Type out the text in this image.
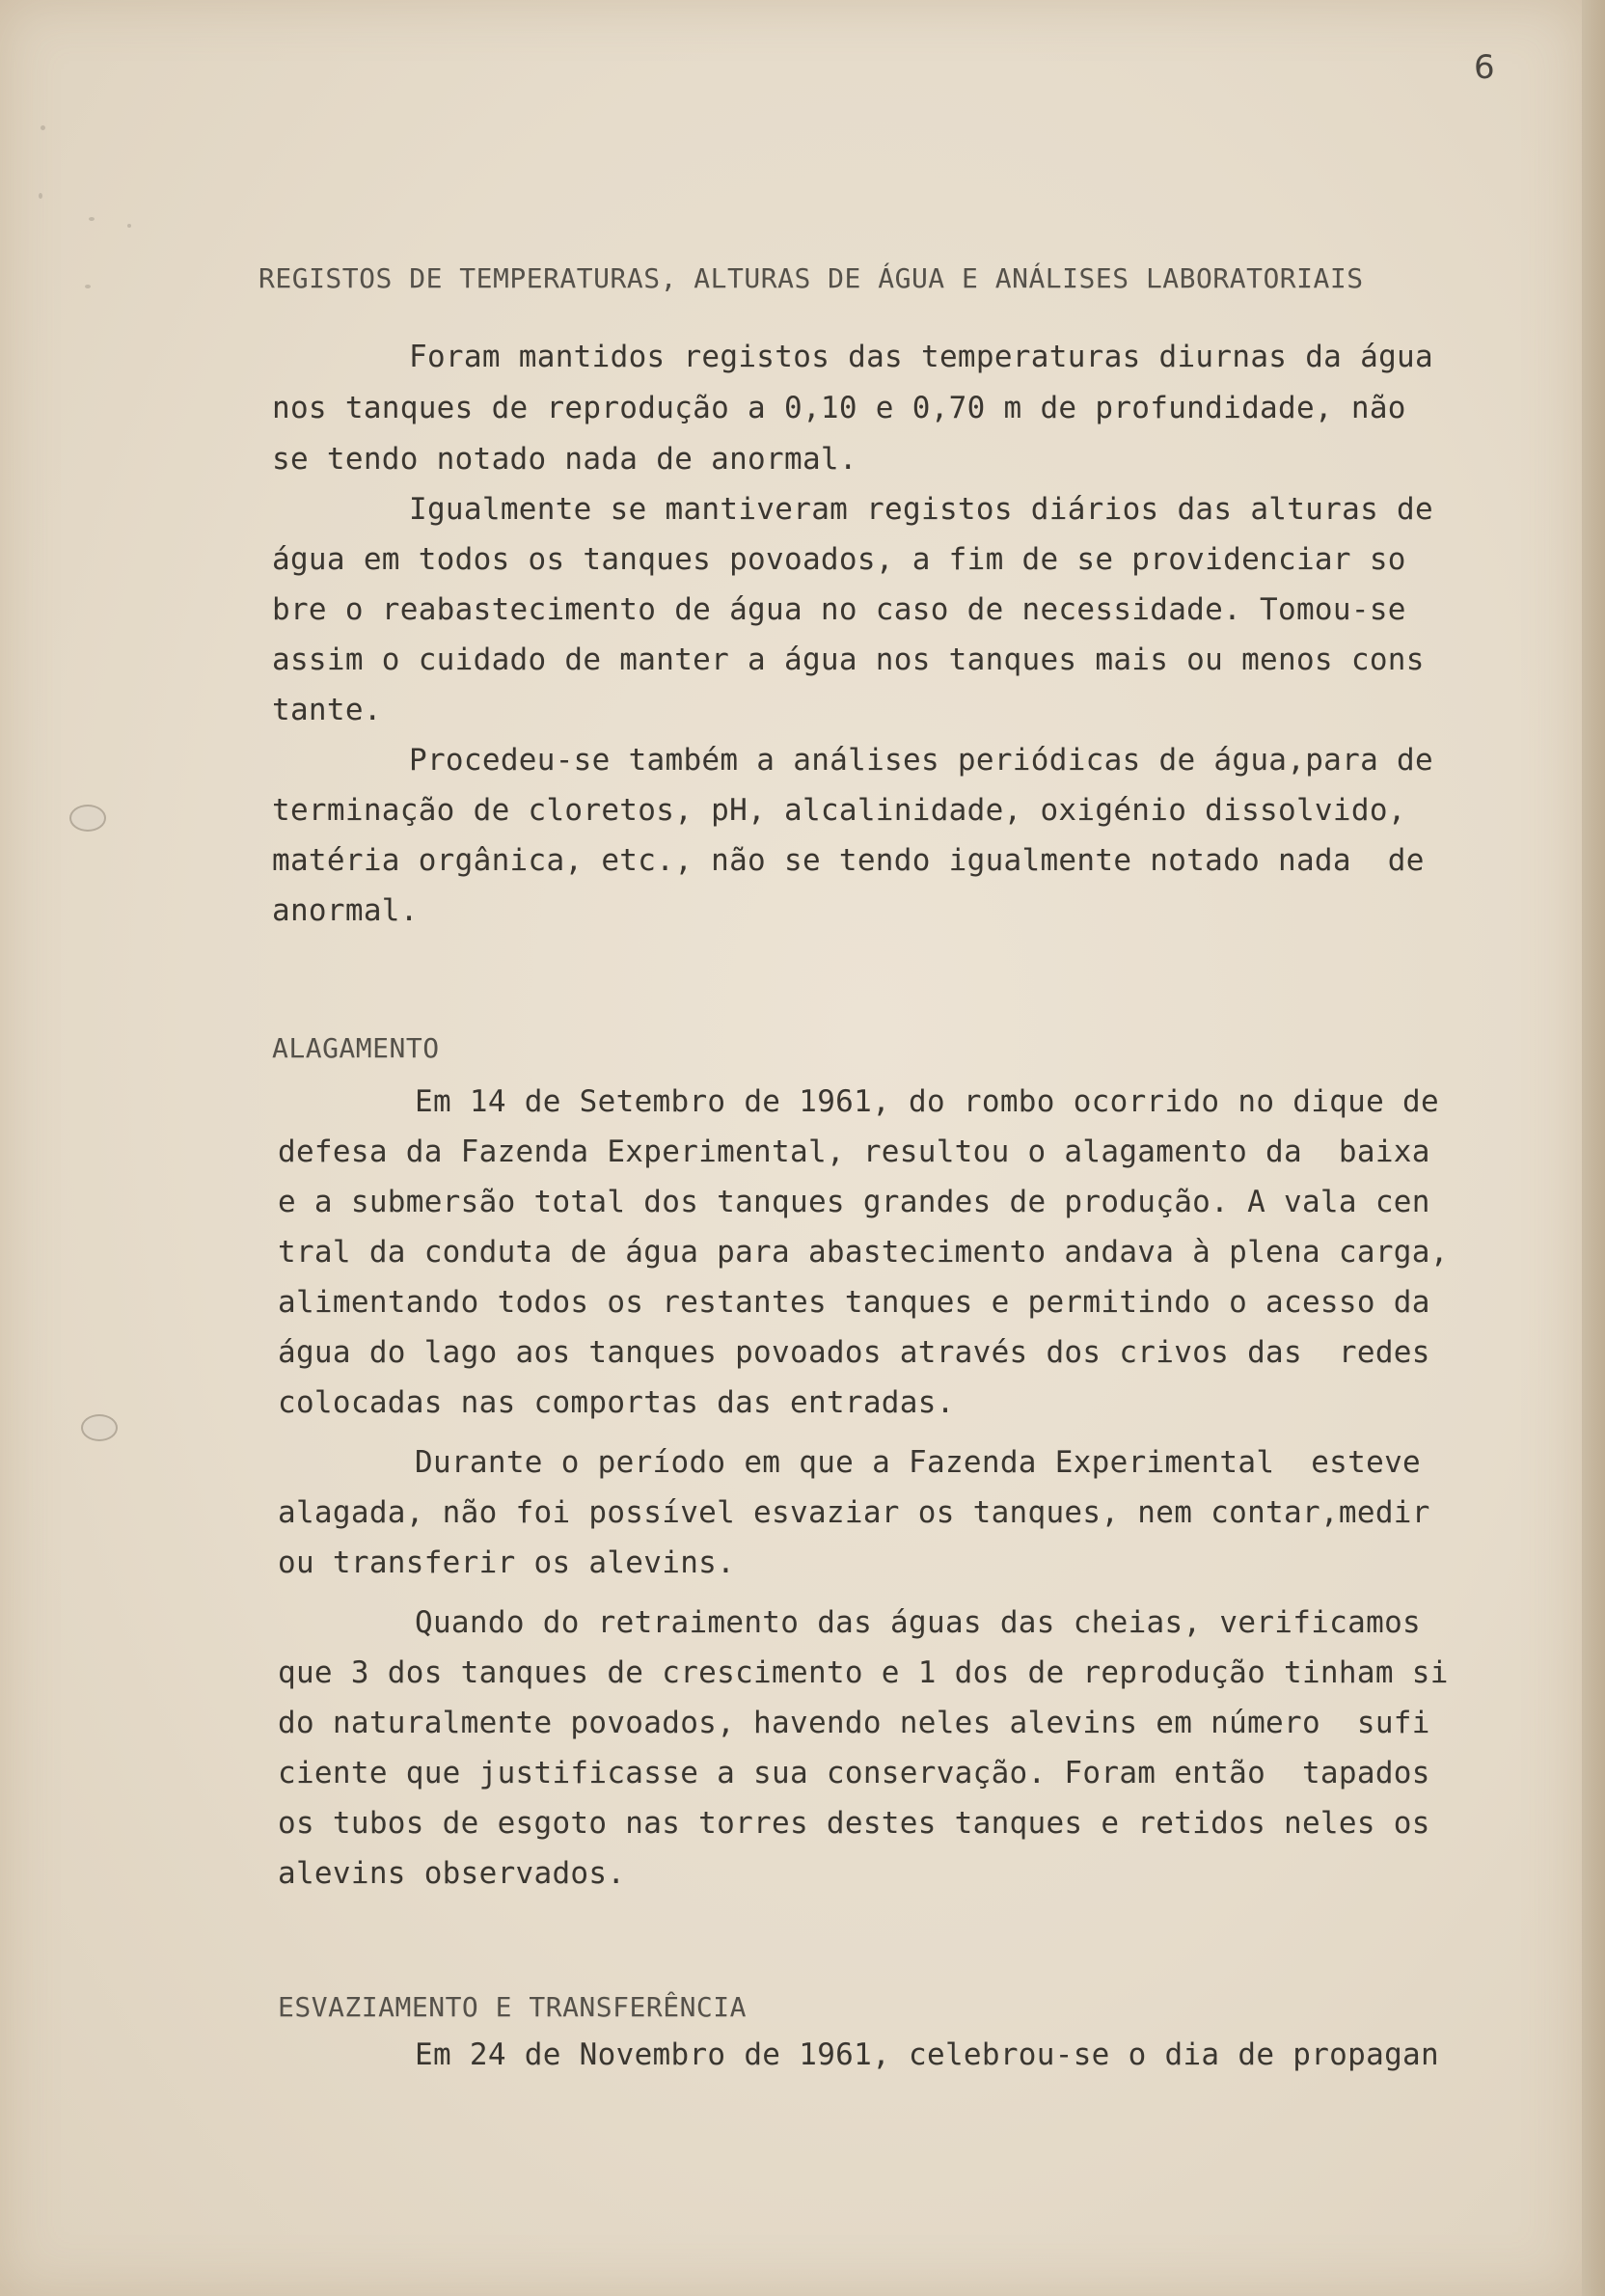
6
REGISTOS DE TEMPERATURAS, ALTURAS DE ÁGUA E ANÁLISES LABORATORIAIS
Foram mantidos registos das temperaturas diurnas da água
nos tanques de reprodução a 0,10 e 0,70 m de profundidade, não
se tendo notado nada de anormal.
Igualmente se mantiveram registos diários das alturas de
água em todos os tanques povoados, a fim de se providenciar so
bre o reabastecimento de água no caso de necessidade. Tomou-se
assim o cuidado de manter a água nos tanques mais ou menos cons
tante.
Procedeu-se também a análises periódicas de água,para de
terminação de cloretos, pH, alcalinidade, oxigénio dissolvido,
matéria orgânica, etc., não se tendo igualmente notado nada  de
anormal.
ALAGAMENTO
Em 14 de Setembro de 1961, do rombo ocorrido no dique de
defesa da Fazenda Experimental, resultou o alagamento da  baixa
e a submersão total dos tanques grandes de produção. A vala cen
tral da conduta de água para abastecimento andava à plena carga,
alimentando todos os restantes tanques e permitindo o acesso da
água do lago aos tanques povoados através dos crivos das  redes
colocadas nas comportas das entradas.
Durante o período em que a Fazenda Experimental  esteve
alagada, não foi possível esvaziar os tanques, nem contar,medir
ou transferir os alevins.
Quando do retraimento das águas das cheias, verificamos
que 3 dos tanques de crescimento e 1 dos de reprodução tinham si
do naturalmente povoados, havendo neles alevins em número  sufi
ciente que justificasse a sua conservação. Foram então  tapados
os tubos de esgoto nas torres destes tanques e retidos neles os
alevins observados.
ESVAZIAMENTO E TRANSFERÊNCIA
Em 24 de Novembro de 1961, celebrou-se o dia de propagan
